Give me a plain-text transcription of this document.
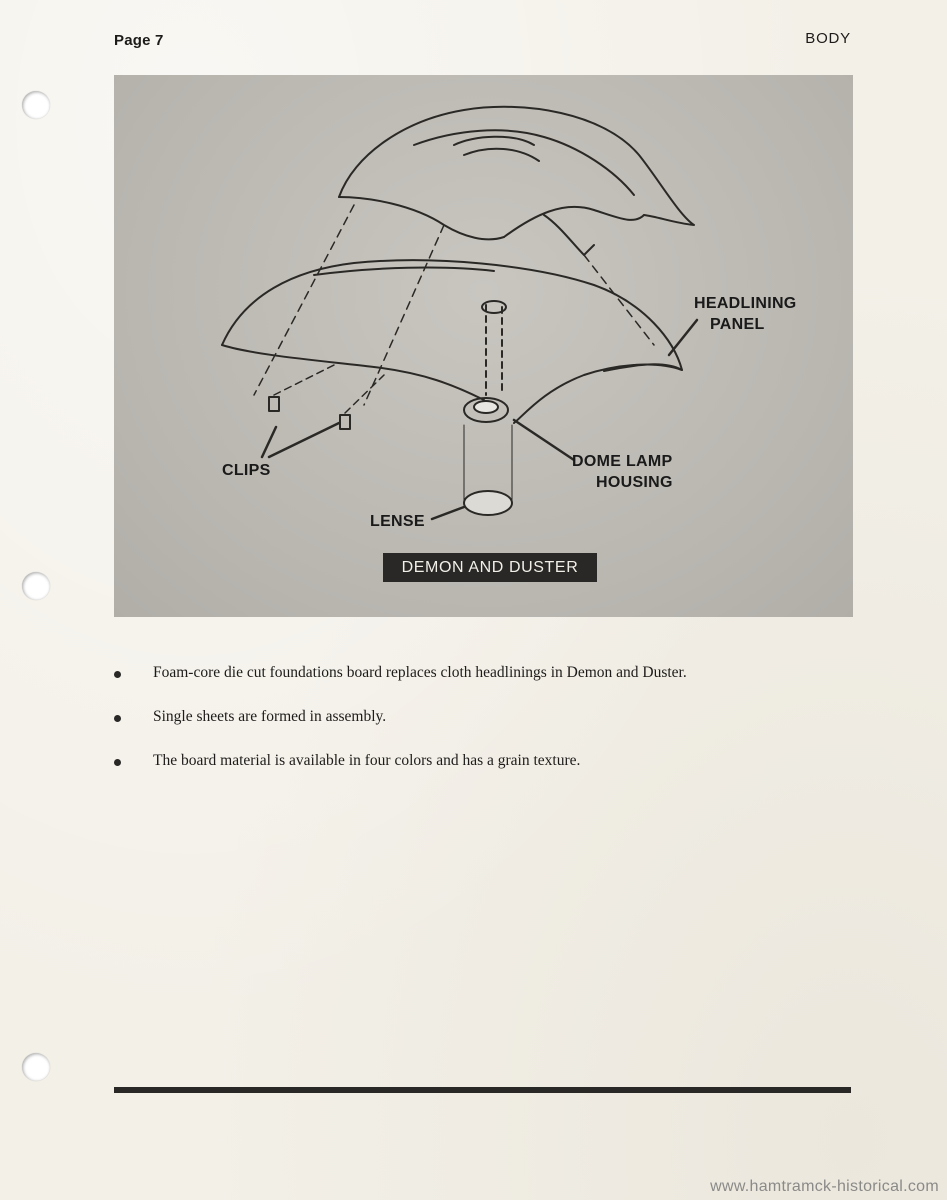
Page 7	BODY
HEADLINING
PANEL
CLIPS
DOME LAMP
HOUSING
LENSE
DEMON AND DUSTER
Foam-core die cut foundations board replaces cloth headlinings in Demon and Duster.
Single sheets are formed in assembly.
The board material is available in four colors and has a grain texture.
www.hamtramck-historical.com
